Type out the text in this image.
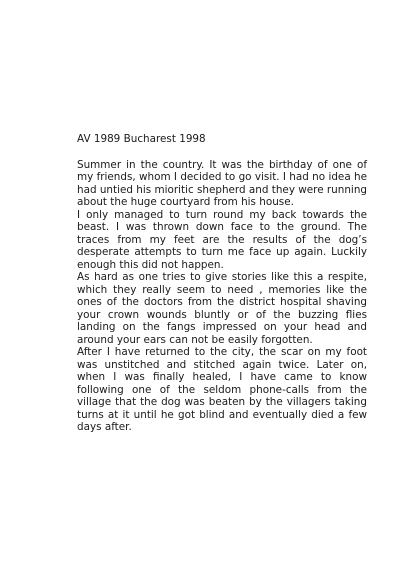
AV 1989 Bucharest 1998

Summer in the country. It was the birthday of one of my friends, whom I decided to go visit. I had no idea he had untied his mioritic shepherd and they were running about the huge courtyard from his house.

I only managed to turn round my back towards the beast. I was thrown down face to the ground. The traces from my feet are the results of the dog’s desperate attempts to turn me face up again. Luckily enough this did not happen.

As hard as one tries to give stories like this a respite, which they really seem to need , memories like the ones of the doctors from the district hospital shaving your crown wounds bluntly or of the buzzing flies landing on the fangs impressed on your head and around your ears can not be easily forgotten.

After I have returned to the city, the scar on my foot was unstitched and stitched again twice. Later on, when I was finally healed, I have came to know following one of the seldom phone-calls from the village that the dog was beaten by the villagers taking turns at it until he got blind and eventually died a few days after.
